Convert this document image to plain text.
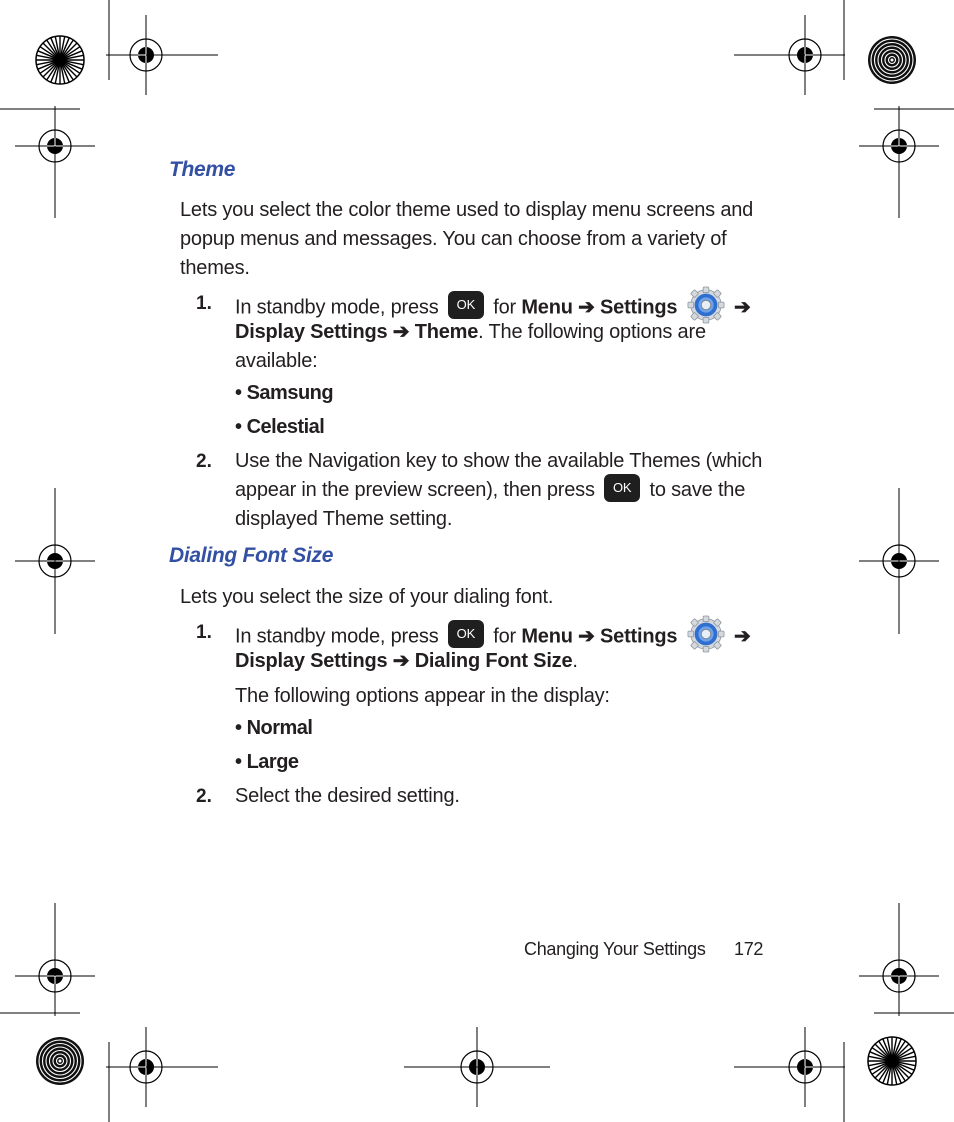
Theme
Lets you select the color theme used to display menu screens and
popup menus and messages. You can choose from a variety of
themes.
1. In standby mode, press OK for Menu ➔ Settings	➔
Display Settings ➔ Theme. The following options are
available:
• Samsung
• Celestial
2. Use the Navigation key to show the available Themes (which
appear in the preview screen), then press OK to save the
displayed Theme setting.
Dialing Font Size
Lets you select the size of your dialing font.
1. In standby mode, press OK for Menu ➔ Settings	➔
Display Settings ➔ Dialing Font Size.
The following options appear in the display:
• Normal
• Large
2. Select the desired setting.
Changing Your Settings 172
